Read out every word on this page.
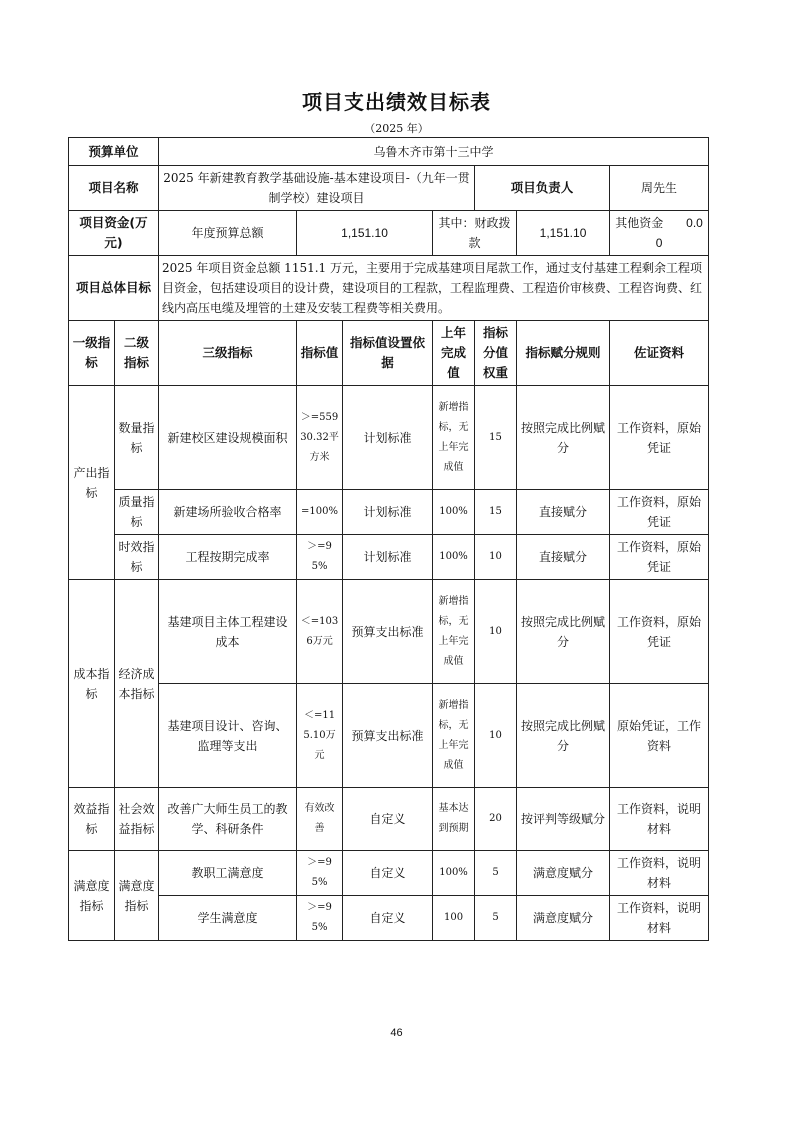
项目支出绩效目标表
（2025 年）
预算单位		乌鲁木齐市第十三中学						
项目名称		2025 年新建教育教学基础设施-基本建设项目-（九年一贯制学校）建设项目				项目负责人		周先生
项目资金(万元)		年度预算总额	1,151.10		其中：财政拨款		1,151.10	其他资金 0.00
项目总体目标		2025 年项目资金总额 1151.1 万元，主要用于完成基建项目尾款工作，通过支付基建工程剩余工程项目资金，包括建设项目的设计费，建设项目的工程款，工程监理费、工程造价审核费、工程咨询费、红线内高压电缆及埋管的土建及安装工程费等相关费用。						
一级指标	二级指标	三级指标	指标值	指标值设置依据	上年完成值	指标分值权重	指标赋分规则	佐证资料
产出指标	数量指标	新建校区建设规模面积	＞=55930.32平方米	计划标准	新增指标，无上年完成值	15	按照完成比例赋分	工作资料，原始凭证
	质量指标	新建场所验收合格率	=100%	计划标准	100%	15	直接赋分	工作资料，原始凭证
	时效指标	工程按期完成率	＞=95%	计划标准	100%	10	直接赋分	工作资料，原始凭证
成本指标	经济成本指标	基建项目主体工程建设成本	＜=1036万元	预算支出标准	新增指标，无上年完成值	10	按照完成比例赋分	工作资料，原始凭证
		基建项目设计、咨询、监理等支出	＜=115.10万元	预算支出标准	新增指标，无上年完成值	10	按照完成比例赋分	原始凭证，工作资料
效益指标	社会效益指标	改善广大师生员工的教学、科研条件	有效改善	自定义	基本达到预期	20	按评判等级赋分	工作资料，说明材料
满意度指标	满意度指标	教职工满意度	＞=95%	自定义	100%	5	满意度赋分	工作资料，说明材料
		学生满意度	＞=95%	自定义	100	5	满意度赋分	工作资料，说明材料
46
